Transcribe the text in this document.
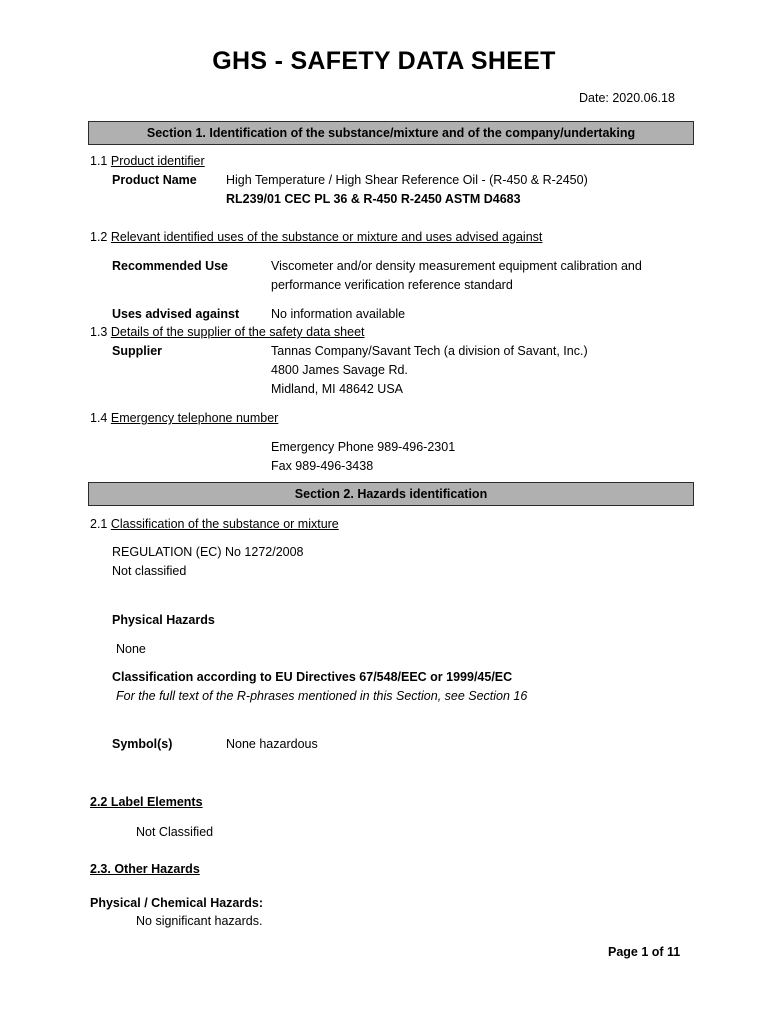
GHS - SAFETY DATA SHEET
Date: 2020.06.18
Section 1. Identification of the substance/mixture and of the company/undertaking
1.1 Product identifier
Product Name High Temperature / High Shear Reference Oil - (R-450 & R-2450)
RL239/01 CEC PL 36 & R-450 R-2450 ASTM D4683
1.2 Relevant identified uses of the substance or mixture and uses advised against
Recommended Use	Viscometer and/or density measurement equipment calibration and
performance verification reference standard
Uses advised against	No information available
1.3 Details of the supplier of the safety data sheet
Supplier	Tannas Company/Savant Tech (a division of Savant, Inc.)
4800 James Savage Rd.
Midland, MI 48642 USA
1.4 Emergency telephone number
Emergency Phone 989-496-2301
Fax 989-496-3438
Section 2. Hazards identification
2.1 Classification of the substance or mixture
REGULATION (EC) No 1272/2008
Not classified
Physical Hazards
None
Classification according to EU Directives 67/548/EEC or 1999/45/EC
For the full text of the R-phrases mentioned in this Section, see Section 16
Symbol(s)	None hazardous
2.2 Label Elements
Not Classified
2.3. Other Hazards
Physical / Chemical Hazards:
No significant hazards.
Page 1 of 11
